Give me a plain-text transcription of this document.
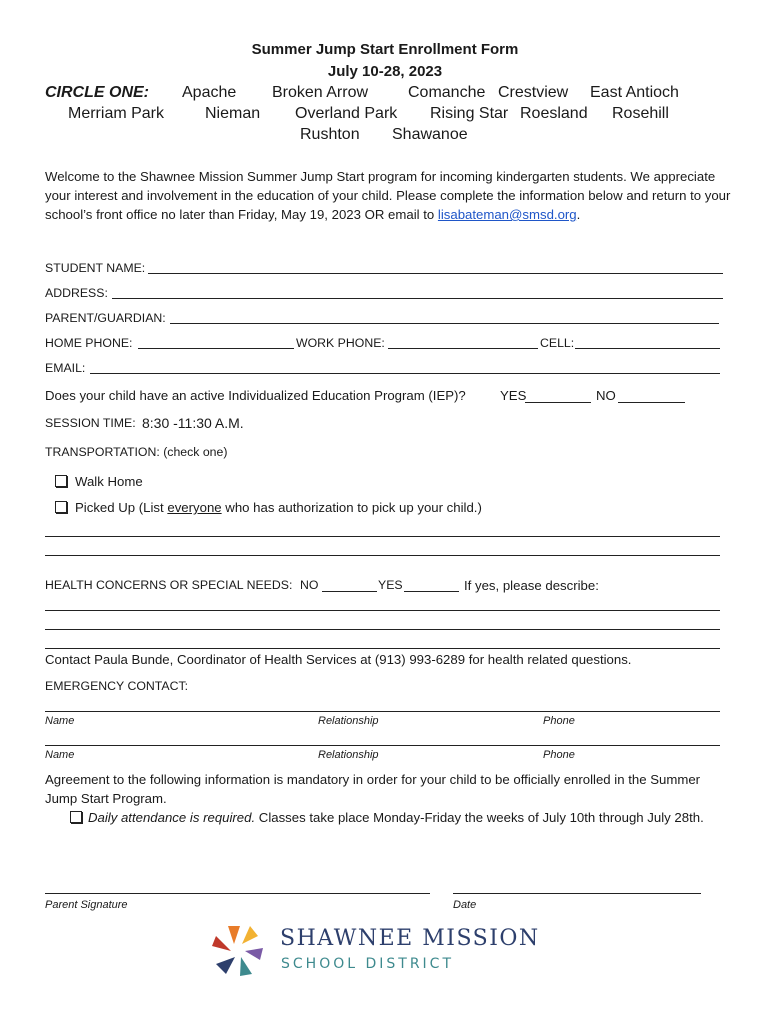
Summer Jump Start Enrollment Form
July 10-28, 2023
CIRCLE ONE: Apache Broken Arrow Comanche Crestview East Antioch
Merriam Park	Nieman Overland Park Rising Star Roesland Rosehill
Rushton Shawanoe
Welcome to the Shawnee Mission Summer Jump Start program for incoming kindergarten students. We appreciate your interest and involvement in the education of your child. Please complete the information below and return to your school’s front office no later than Friday, May 19, 2023 OR email to lisabateman@smsd.org.
STUDENT NAME:
ADDRESS:
PARENT/GUARDIAN:
HOME PHONE:	WORK PHONE:	CELL:
EMAIL:
Does your child have an active Individualized Education Program (IEP)?	YES	NO
SESSION TIME: 8:30 -11:30 A.M.
TRANSPORTATION: (check one)
Walk Home
Picked Up (List everyone who has authorization to pick up your child.)
HEALTH CONCERNS OR SPECIAL NEEDS: NO	YES	If yes, please describe:
Contact Paula Bunde, Coordinator of Health Services at (913) 993-6289 for health related questions.
EMERGENCY CONTACT:
Name	Relationship	Phone
Name	Relationship	Phone
Agreement to the following information is mandatory in order for your child to be officially enrolled in the Summer Jump Start Program.
Daily attendance is required. Classes take place Monday-Friday the weeks of July 10th through July 28th.
Parent Signature	Date
SHAWNEE MISSION
SCHOOL DISTRICT
